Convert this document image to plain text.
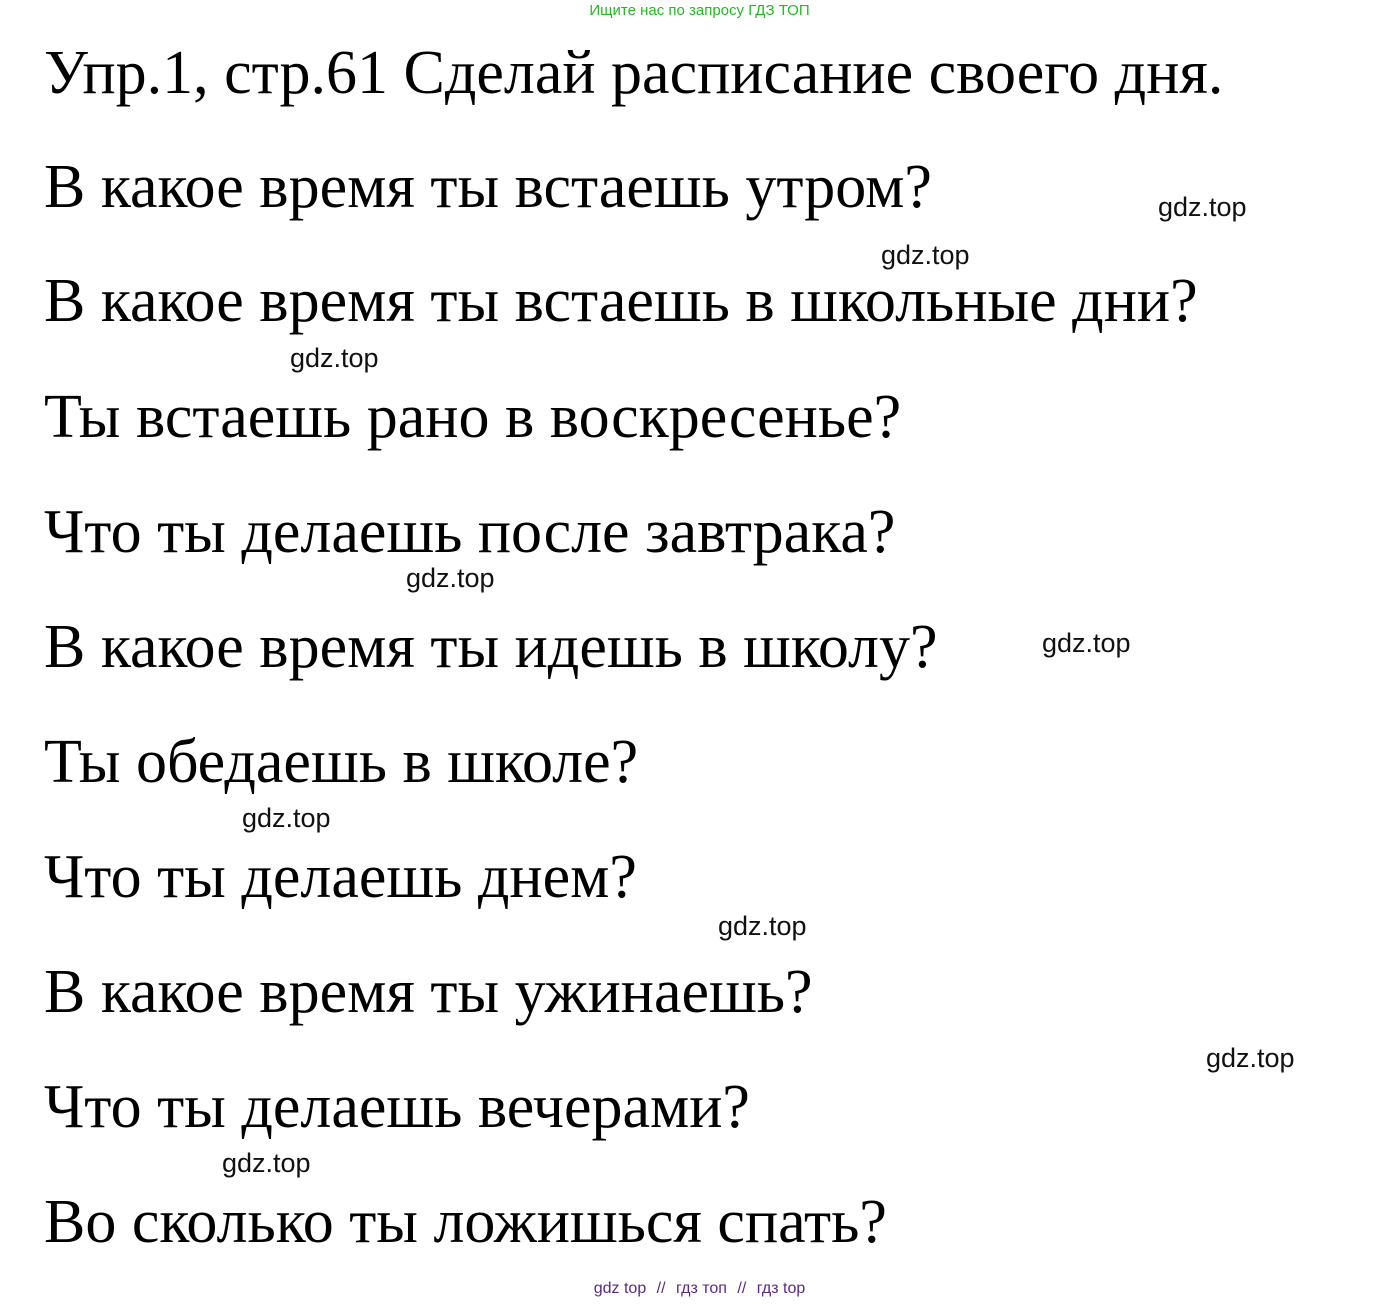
Ищите нас по запросу ГДЗ ТОП
Упр.1, стр.61 Сделай расписание своего дня.
В какое время ты встаешь утром?
В какое время ты встаешь в школьные дни?
Ты встаешь рано в воскресенье?
Что ты делаешь после завтрака?
В какое время ты идешь в школу?
Ты обедаешь в школе?
Что ты делаешь днем?
В какое время ты ужинаешь?
Что ты делаешь вечерами?
Во сколько ты ложишься спать?
gdz.top
gdz.top
gdz.top
gdz.top
gdz.top
gdz.top
gdz.top
gdz.top
gdz.top
gdz top // гдз топ // гдз top
